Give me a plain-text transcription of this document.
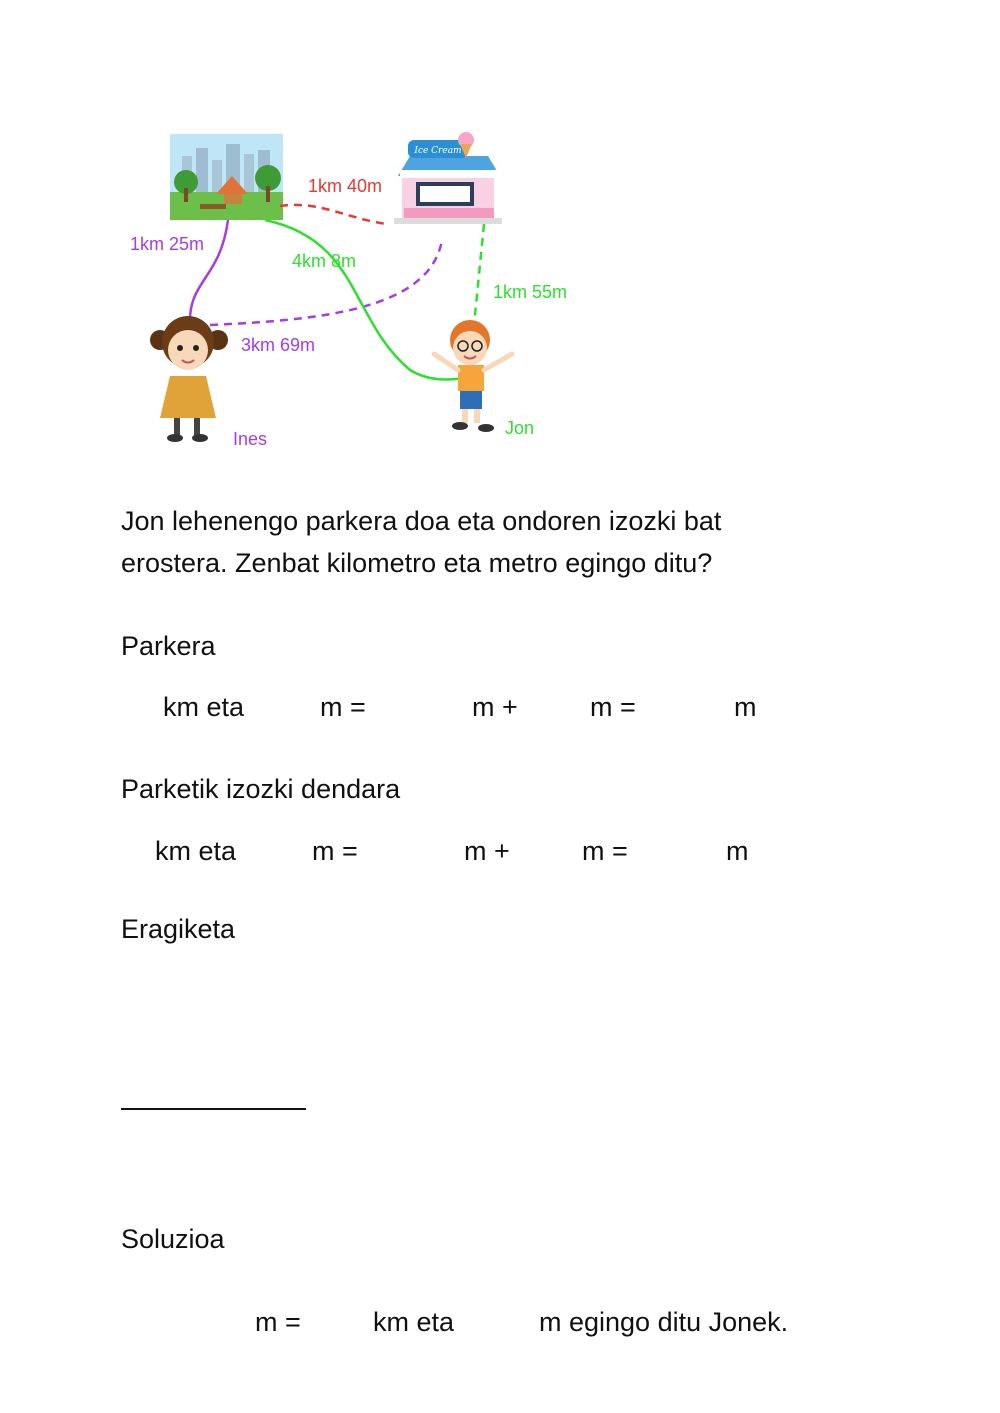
Ice Cream
1km 40m
1km 25m
4km 8m
1km 55m
3km 69m
Ines
Jon
Jon lehenengo parkera doa eta ondoren izozki bat
erostera. Zenbat kilometro eta metro egingo ditu?
Parkera
km eta	m =	m +	m =	m
Parketik izozki dendara
km eta	m =	m +	m =	m
Eragiketa
Soluzioa
m =	km eta	m egingo ditu Jonek.
